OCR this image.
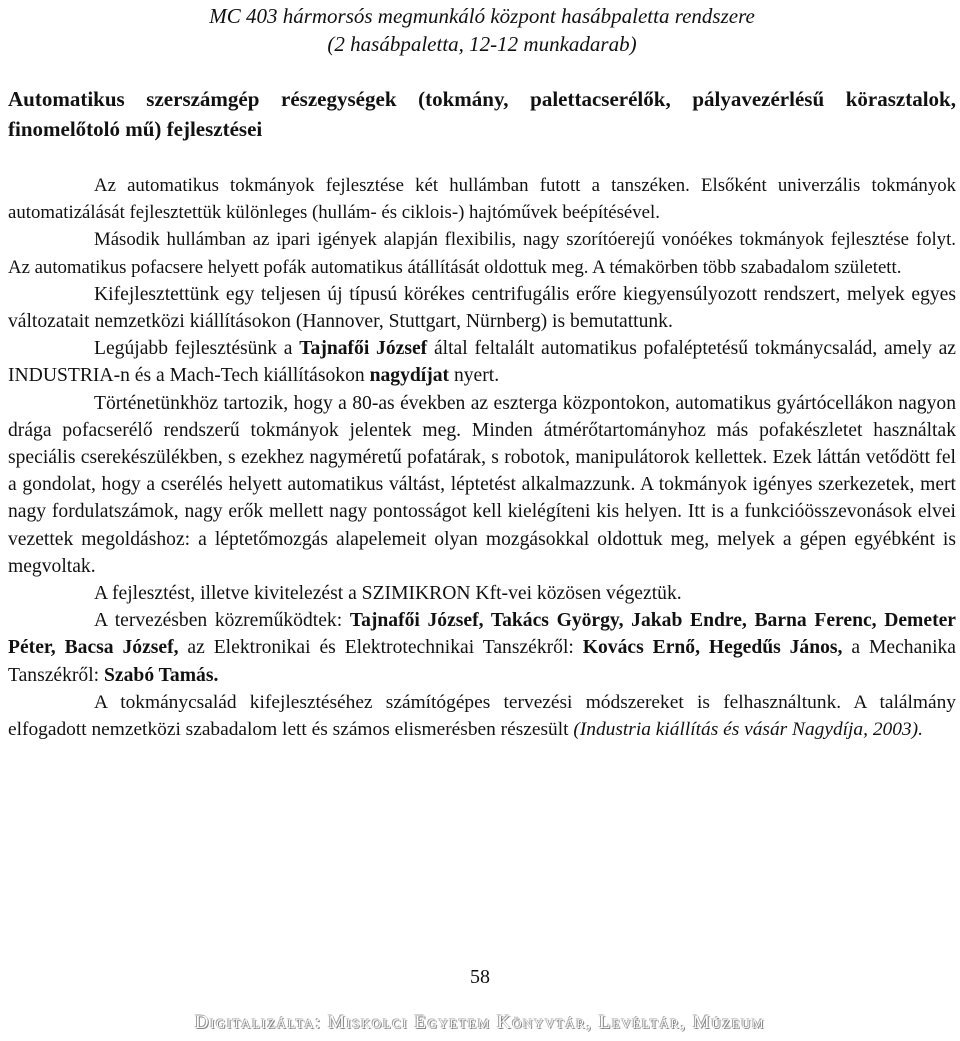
MC 403 hármorsós megmunkáló központ hasábpaletta rendszere
(2 hasábpaletta, 12-12 munkadarab)
Automatikus szerszámgép részegységek (tokmány, palettacserélők, pályavezérlésű körasztalok, finomelőtoló mű) fejlesztései

Az automatikus tokmányok fejlesztése két hullámban futott a tanszéken. Elsőként univerzális tokmányok automatizálását fejlesztettük különleges (hullám- és ciklois-) hajtóművek beépítésével.

Második hullámban az ipari igények alapján flexibilis, nagy szorítóerejű vonóékes tokmányok fejlesztése folyt. Az automatikus pofacsere helyett pofák automatikus átállítását oldottuk meg. A témakörben több szabadalom született.

Kifejlesztettünk egy teljesen új típusú körékes centrifugális erőre kiegyensúlyozott rendszert, melyek egyes változatait nemzetközi kiállításokon (Hannover, Stuttgart, Nürnberg) is bemutattunk.

Legújabb fejlesztésünk a Tajnafői József által feltalált automatikus pofaléptetésű tokmánycsalád, amely az INDUSTRIA-n és a Mach-Tech kiállításokon nagydíjat nyert.

Történetünkhöz tartozik, hogy a 80-as években az eszterga központokon, automatikus gyártócellákon nagyon drága pofacserélő rendszerű tokmányok jelentek meg. Minden átmérőtartományhoz más pofakészletet használtak speciális cserekészülékben, s ezekhez nagyméretű pofatárak, s robotok, manipulátorok kellettek. Ezek láttán vetődött fel a gondolat, hogy a cserélés helyett automatikus váltást, léptetést alkalmazzunk. A tokmányok igényes szerkezetek, mert nagy fordulatszámok, nagy erők mellett nagy pontosságot kell kielégíteni kis helyen. Itt is a funkcióösszevonások elvei vezettek megoldáshoz: a léptetőmozgás alapelemeit olyan mozgásokkal oldottuk meg, melyek a gépen egyébként is megvoltak.

A fejlesztést, illetve kivitelezést a SZIMIKRON Kft-vei közösen végeztük.

A tervezésben közreműködtek: Tajnafői József, Takács György, Jakab Endre, Barna Ferenc, Demeter Péter, Bacsa József, az Elektronikai és Elektrotechnikai Tanszékről: Kovács Ernő, Hegedűs János, a Mechanika Tanszékről: Szabó Tamás.

A tokmánycsalád kifejlesztéséhez számítógépes tervezési módszereket is felhasználtunk. A találmány elfogadott nemzetközi szabadalom lett és számos elismerésben részesült (Industria kiállítás és vásár Nagydíja, 2003).

58
Digitalizálta: Miskolci Egyetem Könyvtár, Levéltár, Múzeum
